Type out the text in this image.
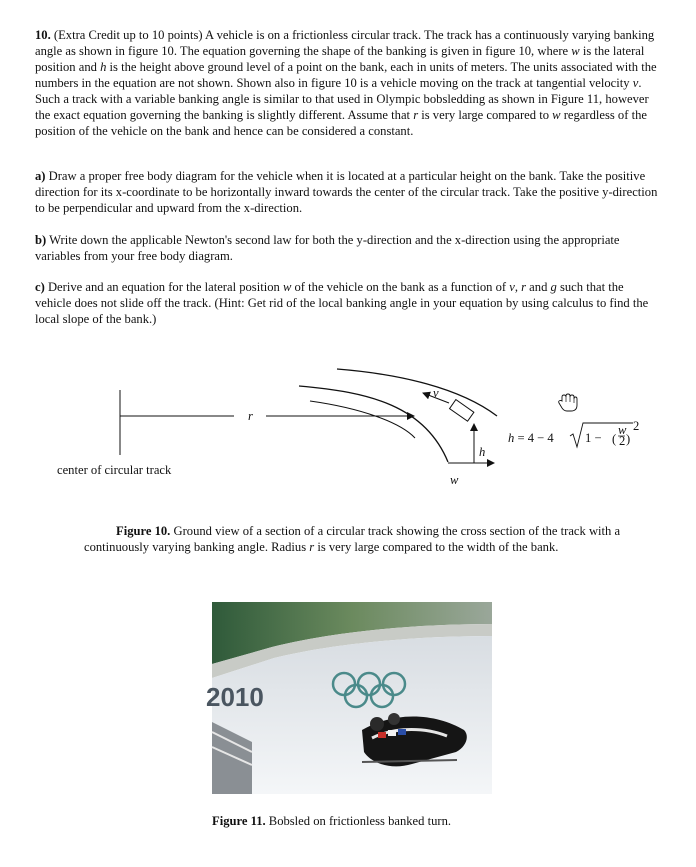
10. (Extra Credit up to 10 points) A vehicle is on a frictionless circular track. The track has a continuously varying banking angle as shown in figure 10. The equation governing the shape of the banking is given in figure 10, where w is the lateral position and h is the height above ground level of a point on the bank, each in units of meters. The units associated with the numbers in the equation are not shown. Shown also in figure 10 is a vehicle moving on the track at tangential velocity v. Such a track with a variable banking angle is similar to that used in Olympic bobsledding as shown in Figure 11, however the exact equation governing the banking is slightly different. Assume that r is very large compared to w regardless of the position of the vehicle on the bank and hence can be considered a constant.

a) Draw a proper free body diagram for the vehicle when it is located at a particular height on the bank. Take the positive direction for its x-coordinate to be horizontally inward towards the center of the circular track. Take the positive y-direction to be perpendicular and upward from the x-direction.

b) Write down the applicable Newton's second law for both the y-direction and the x-direction using the appropriate variables from your free body diagram.

c) Derive and an equation for the lateral position w of the vehicle on the bank as a function of v, r and g such that the vehicle does not slide off the track. (Hint: Get rid of the local banking angle in your equation by using calculus to find the local slope of the bank.)

r
v
h
w
center of circular track
h = 4 − 4 1 − (
w
2 )
2
Figure 10. Ground view of a section of a circular track showing the cross section of the track with a continuously varying banking angle. Radius r is very large compared to the width of the bank.
2010
Figure 11. Bobsled on frictionless banked turn.
